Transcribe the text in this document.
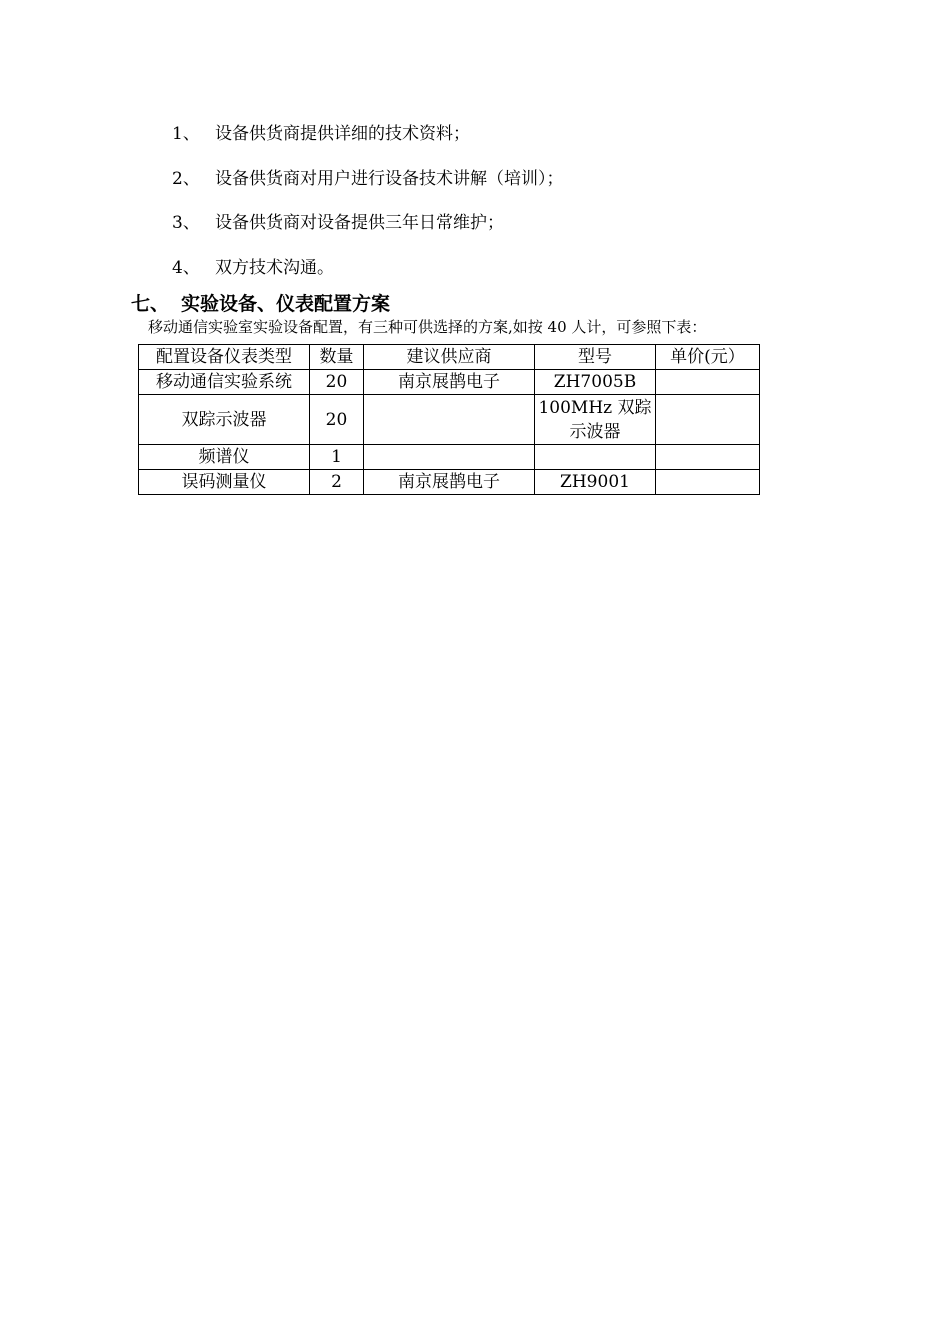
1、 设备供货商提供详细的技术资料；
2、 设备供货商对用户进行设备技术讲解（培训）；
3、 设备供货商对设备提供三年日常维护；
4、 双方技术沟通。
七、 实验设备、仪表配置方案
移动通信实验室实验设备配置，有三种可供选择的方案,如按 40 人计，可参照下表：
配置设备仪表类型	数量	建议供应商	型号	单价(元）
移动通信实验系统	20	南京展鹊电子	ZH7005B	
双踪示波器	20		100MHz 双踪示波器	
频谱仪	1			
误码测量仪	2	南京展鹊电子	ZH9001	
